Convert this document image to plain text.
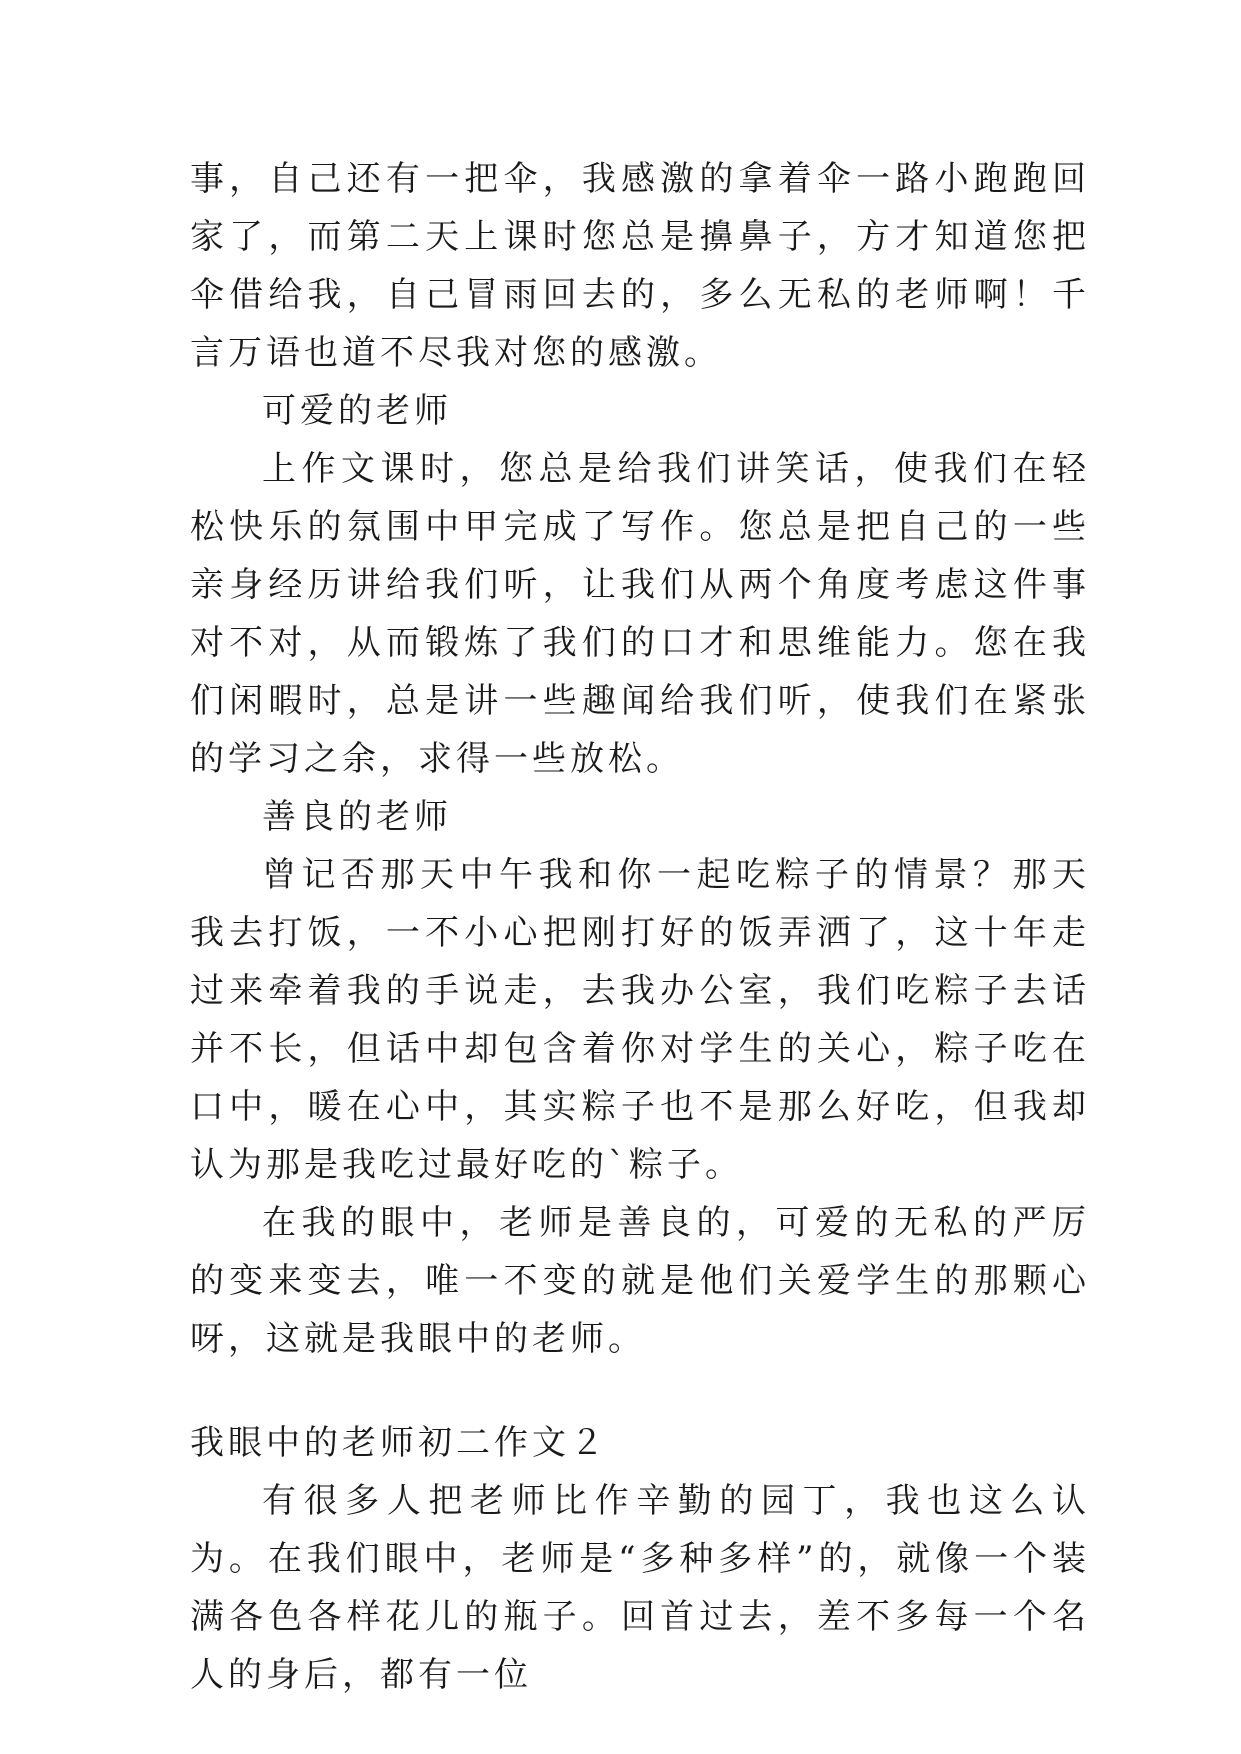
事，自己还有一把伞，我感激的拿着伞一路小跑跑回家了，而第二天上课时您总是擤鼻子，方才知道您把伞借给我，自己冒雨回去的，多么无私的老师啊！千言万语也道不尽我对您的感激。

可爱的老师

上作文课时，您总是给我们讲笑话，使我们在轻松快乐的氛围中甲完成了写作。您总是把自己的一些亲身经历讲给我们听，让我们从两个角度考虑这件事对不对，从而锻炼了我们的口才和思维能力。您在我们闲暇时，总是讲一些趣闻给我们听，使我们在紧张的学习之余，求得一些放松。

善良的老师

曾记否那天中午我和你一起吃粽子的情景？那天我去打饭，一不小心把刚打好的饭弄洒了，这十年走过来牵着我的手说走，去我办公室，我们吃粽子去话并不长，但话中却包含着你对学生的关心，粽子吃在口中，暖在心中，其实粽子也不是那么好吃，但我却认为那是我吃过最好吃的`粽子。

在我的眼中，老师是善良的，可爱的无私的严厉的变来变去，唯一不变的就是他们关爱学生的那颗心呀，这就是我眼中的老师。

我眼中的老师初二作文２

有很多人把老师比作辛勤的园丁，我也这么认为。在我们眼中，老师是“多种多样”的，就像一个装满各色各样花儿的瓶子。回首过去，差不多每一个名人的身后，都有一位
